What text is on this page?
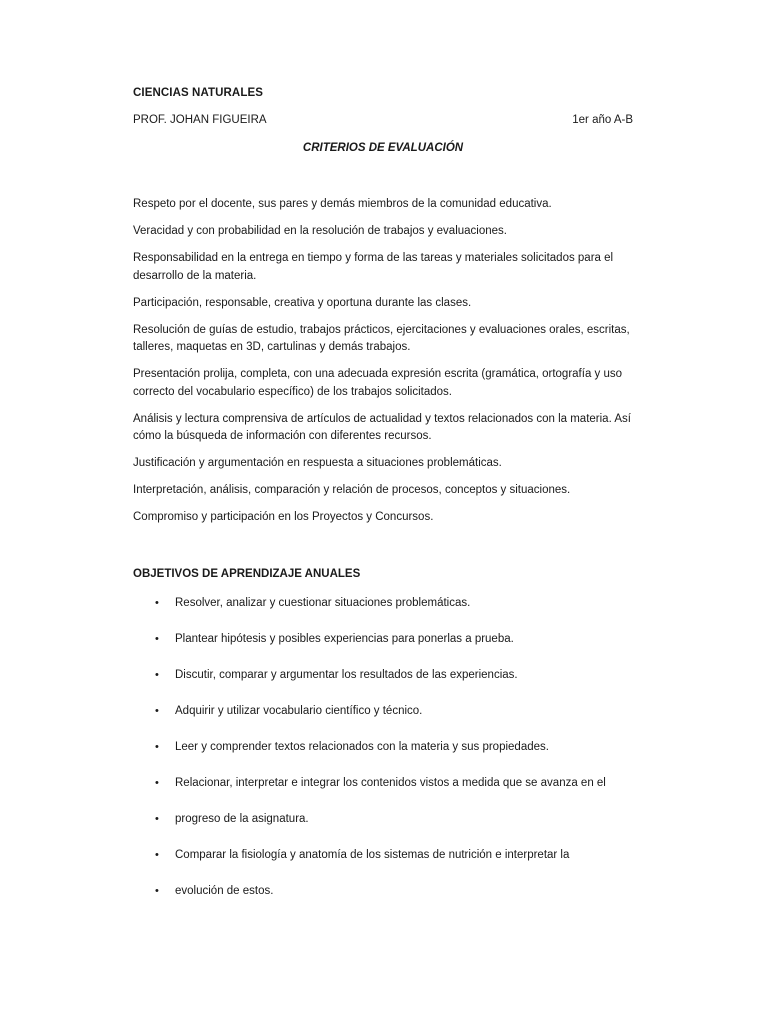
CIENCIAS NATURALES
PROF. JOHAN FIGUEIRA	1er año A-B
CRITERIOS DE EVALUACIÓN
Respeto por el docente, sus pares y demás miembros de la comunidad educativa.
Veracidad y con probabilidad en la resolución de trabajos y evaluaciones.
Responsabilidad en la entrega en tiempo y forma de las tareas y materiales solicitados para el desarrollo de la materia.
Participación, responsable, creativa y oportuna durante las clases.
Resolución de guías de estudio, trabajos prácticos, ejercitaciones y evaluaciones orales, escritas, talleres, maquetas en 3D, cartulinas y demás trabajos.
Presentación prolija, completa, con una adecuada expresión escrita (gramática, ortografía y uso correcto del vocabulario específico) de los trabajos solicitados.
Análisis y lectura comprensiva de artículos de actualidad y textos relacionados con la materia. Así cómo la búsqueda de información con diferentes recursos.
Justificación y argumentación en respuesta a situaciones problemáticas.
Interpretación, análisis, comparación y relación de procesos, conceptos y situaciones.
Compromiso y participación en los Proyectos y Concursos.
OBJETIVOS DE APRENDIZAJE ANUALES
• Resolver, analizar y cuestionar situaciones problemáticas.
• Plantear hipótesis y posibles experiencias para ponerlas a prueba.
• Discutir, comparar y argumentar los resultados de las experiencias.
• Adquirir y utilizar vocabulario científico y técnico.
• Leer y comprender textos relacionados con la materia y sus propiedades.
• Relacionar, interpretar e integrar los contenidos vistos a medida que se avanza en el
• progreso de la asignatura.
• Comparar la fisiología y anatomía de los sistemas de nutrición e interpretar la
• evolución de estos.
